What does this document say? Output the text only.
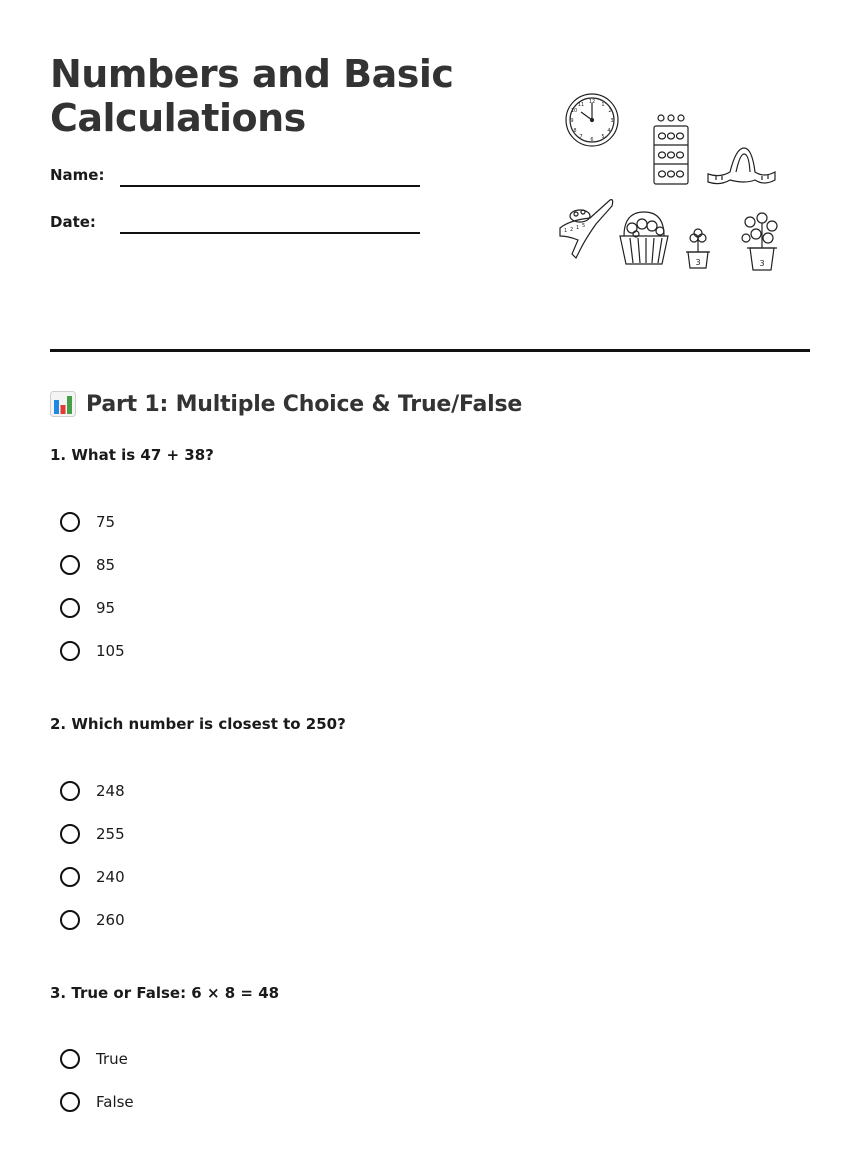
Numbers and Basic
Calculations
Name:
Date:
12 1
2
3
4
5
6
7
8
9
10
11
1 2 1 5
3	3
Part 1: Multiple Choice & True/False
1. What is 47 + 38?
75
85
95
105
2. Which number is closest to 250?
248
255
240
260
3. True or False: 6 × 8 = 48
True
False
